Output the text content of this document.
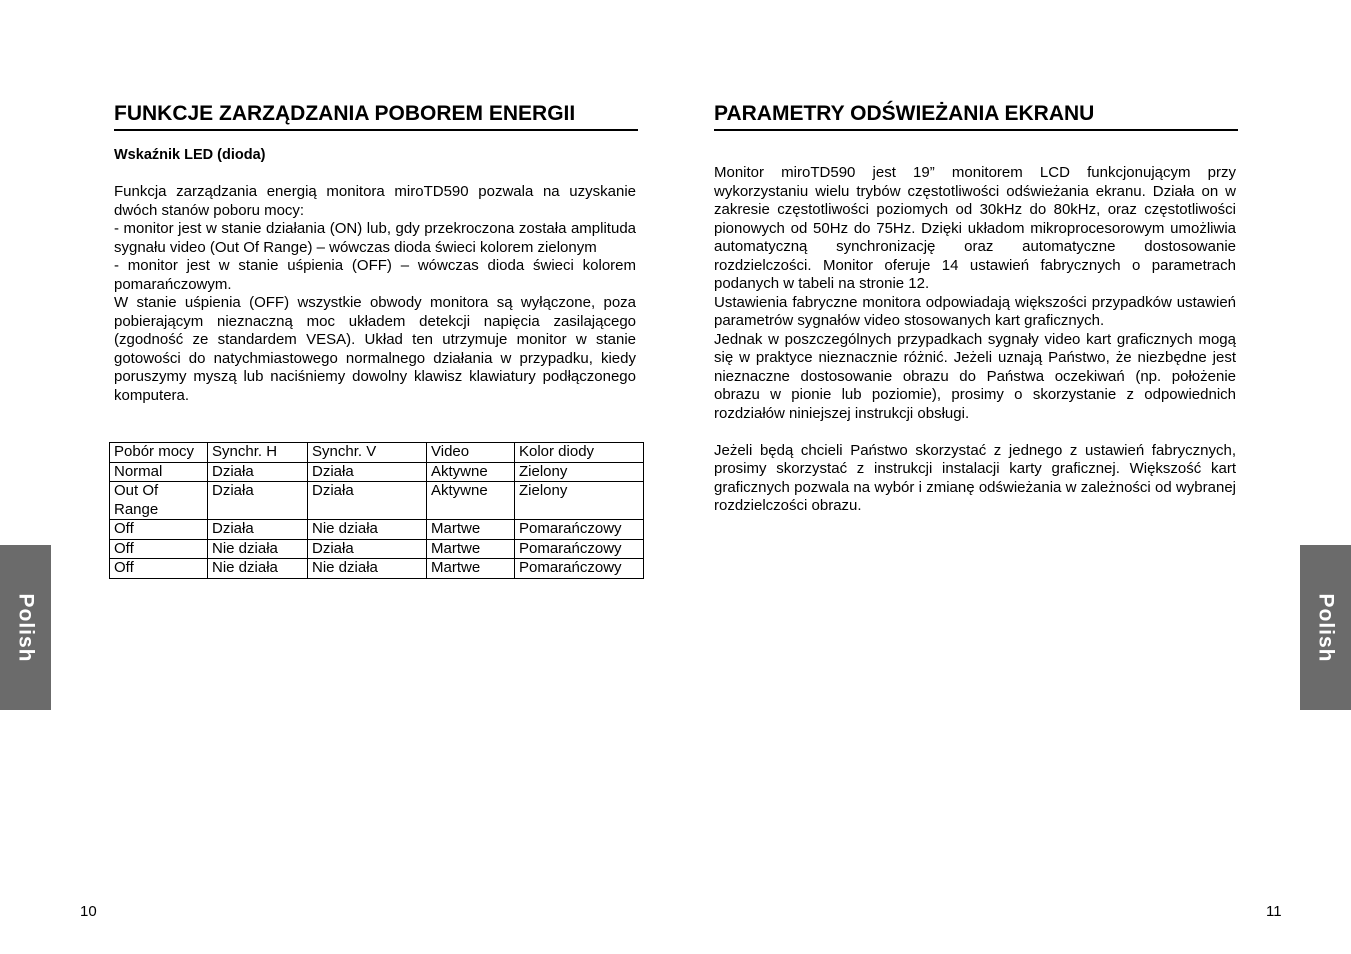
FUNKCJE ZARZĄDZANIA POBOREM ENERGII
Wskaźnik LED (dioda)

Funkcja zarządzania energią monitora miroTD590 pozwala na uzyskanie dwóch stanów poboru mocy:

- monitor jest w stanie działania (ON) lub, gdy przekroczona została amplituda sygnału video (Out Of Range) – wówczas dioda świeci kolorem zielonym

- monitor jest w stanie uśpienia (OFF) – wówczas dioda świeci kolorem pomarańczowym.

W stanie uśpienia (OFF) wszystkie obwody monitora są wyłączone, poza pobierającym nieznaczną moc układem detekcji napięcia zasilającego (zgodność ze standardem VESA). Układ ten utrzymuje monitor w stanie gotowości do natychmiastowego normalnego działania w przypadku, kiedy poruszymy myszą lub naciśniemy dowolny klawisz klawiatury podłączonego komputera.

Pobór mocy	Synchr. H	Synchr. V	Video	Kolor diody
Normal	Działa	Działa	Aktywne	Zielony
Out Of Range	Działa	Działa	Aktywne	Zielony
Off	Działa	Nie działa	Martwe	Pomarańczowy
Off	Nie działa	Działa	Martwe	Pomarańczowy
Off	Nie działa	Nie działa	Martwe	Pomarańczowy
Polish
10
PARAMETRY ODŚWIEŻANIA EKRANU

Monitor miroTD590 jest 19” monitorem LCD funkcjonującym przy wykorzystaniu wielu trybów częstotliwości odświeżania ekranu. Działa on w zakresie częstotliwości poziomych od 30kHz do 80kHz, oraz częstotliwości pionowych od 50Hz do 75Hz. Dzięki układom mikroprocesorowym umożliwia automatyczną synchronizację oraz automatyczne dostosowanie rozdzielczości. Monitor oferuje 14 ustawień fabrycznych o parametrach podanych w tabeli na stronie 12.

Ustawienia fabryczne monitora odpowiadają większości przypadków ustawień parametrów sygnałów video stosowanych kart graficznych.

Jednak w poszczególnych przypadkach sygnały video kart graficznych mogą się w praktyce nieznacznie różnić. Jeżeli uznają Państwo, że niezbędne jest nieznaczne dostosowanie obrazu do Państwa oczekiwań (np. położenie obrazu w pionie lub poziomie), prosimy o skorzystanie z odpowiednich rozdziałów niniejszej instrukcji obsługi.

Jeżeli będą chcieli Państwo skorzystać z jednego z ustawień fabrycznych, prosimy skorzystać z instrukcji instalacji karty graficznej. Większość kart graficznych pozwala na wybór i zmianę odświeżania w zależności od wybranej rozdzielczości obrazu.

Polish
11
